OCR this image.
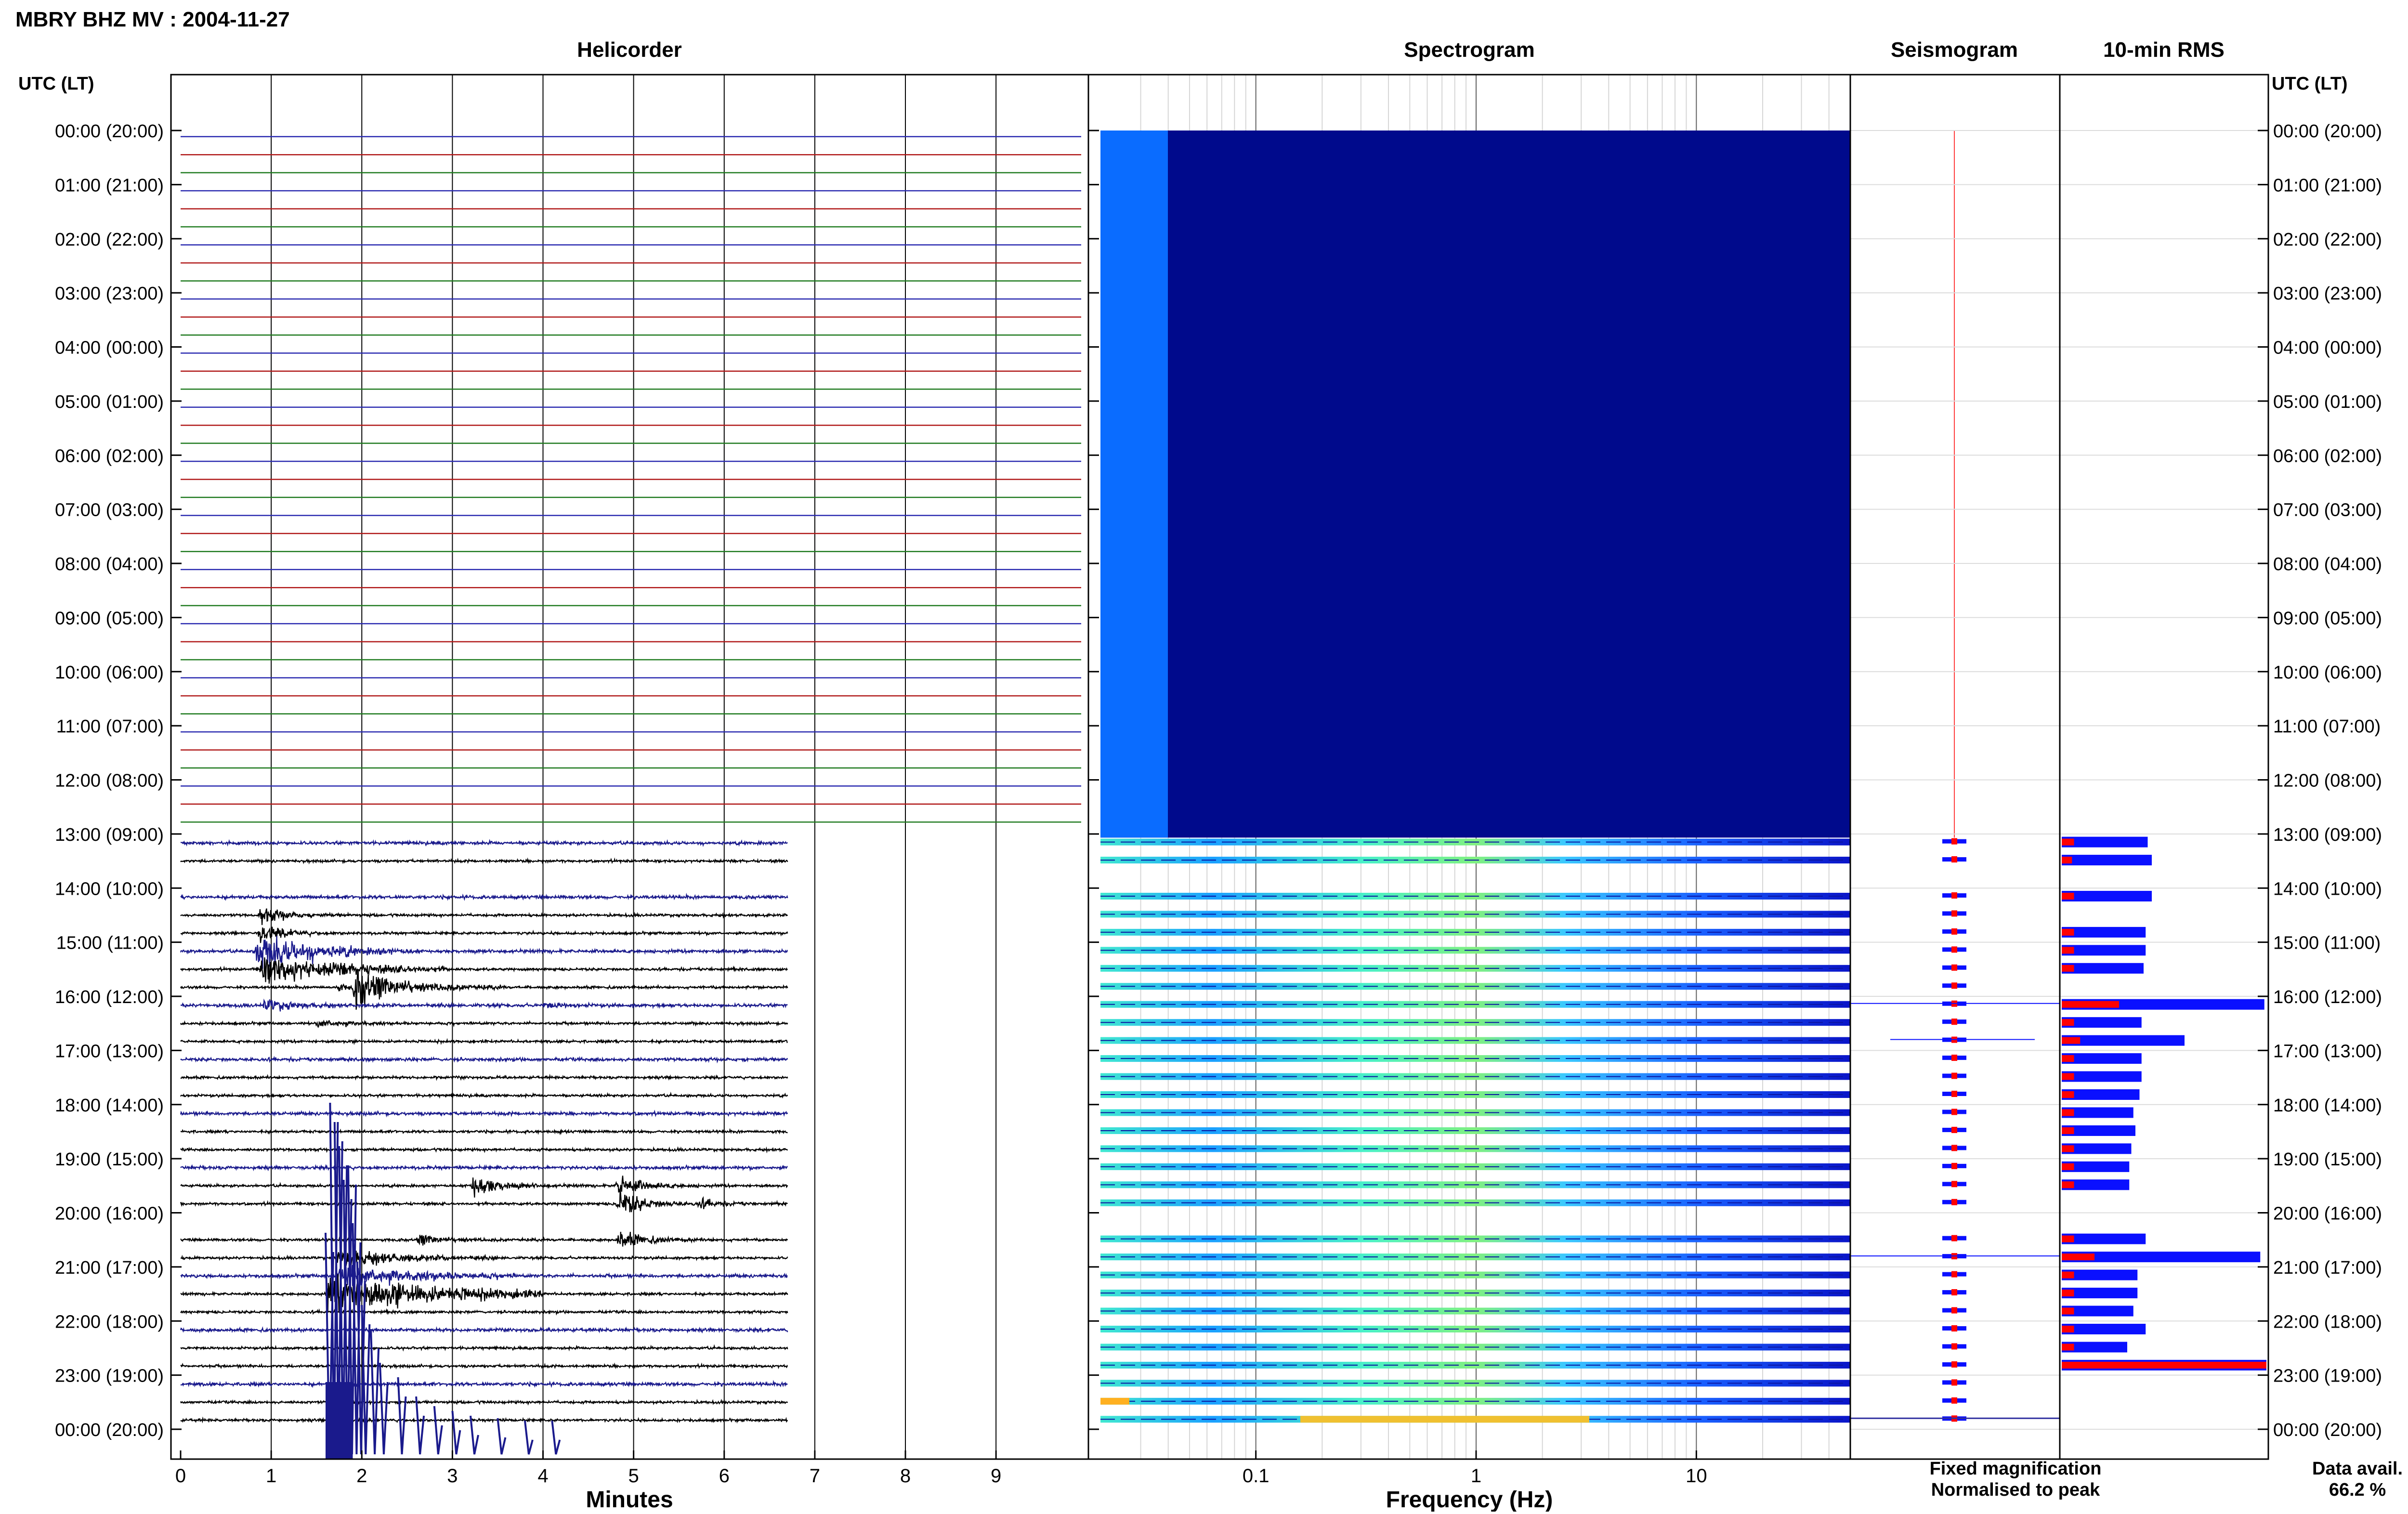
00:00 (20:00)	00:00 (20:00)
01:00 (21:00)	01:00 (21:00)
02:00 (22:00)	02:00 (22:00)
03:00 (23:00)	03:00 (23:00)
04:00 (00:00)	04:00 (00:00)
05:00 (01:00)	05:00 (01:00)
06:00 (02:00)	06:00 (02:00)
07:00 (03:00)	07:00 (03:00)
08:00 (04:00)	08:00 (04:00)
09:00 (05:00)	09:00 (05:00)
10:00 (06:00)	10:00 (06:00)
11:00 (07:00)	11:00 (07:00)
12:00 (08:00)	12:00 (08:00)
13:00 (09:00)	13:00 (09:00)
14:00 (10:00)	14:00 (10:00)
15:00 (11:00)	15:00 (11:00)
16:00 (12:00)	16:00 (12:00)
17:00 (13:00)	17:00 (13:00)
18:00 (14:00)	18:00 (14:00)
19:00 (15:00)	19:00 (15:00)
20:00 (16:00)	20:00 (16:00)
21:00 (17:00)	21:00 (17:00)
22:00 (18:00)	22:00 (18:00)
23:00 (19:00)	23:00 (19:00)
00:00 (20:00)	00:00 (20:00)
0	1	2	3	4	5	6	7	8	9	0.1	1	10
MBRY BHZ MV : 2004-11-27
Helicorder	Spectrogram	Seismogram	10-min RMS
UTC (LT)	UTC (LT)
Minutes	Frequency (Hz)
Fixed magnification
Normalised to peak
Data avail.
66.2 %
